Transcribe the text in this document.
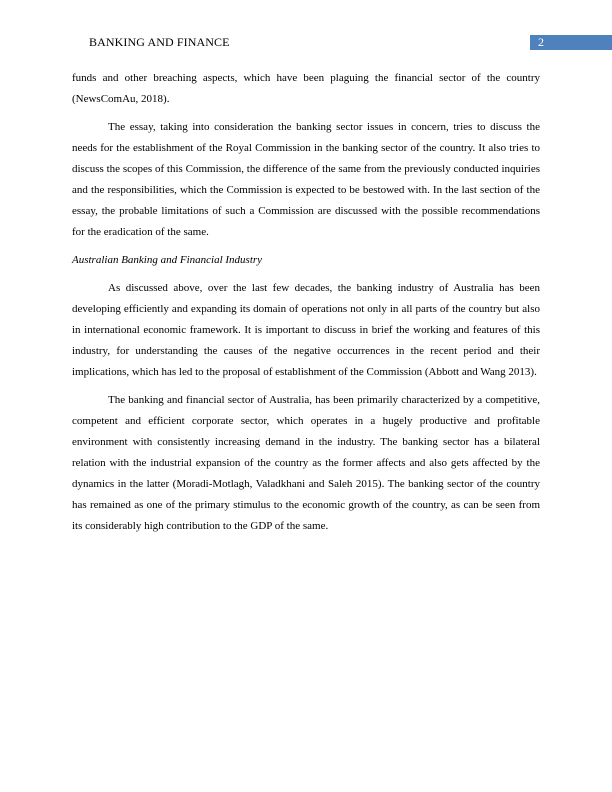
BANKING AND FINANCE	2

funds and other breaching aspects, which have been plaguing the financial sector of the country (NewsComAu, 2018).

The essay, taking into consideration the banking sector issues in concern, tries to discuss the needs for the establishment of the Royal Commission in the banking sector of the country. It also tries to discuss the scopes of this Commission, the difference of the same from the previously conducted inquiries and the responsibilities, which the Commission is expected to be bestowed with. In the last section of the essay, the probable limitations of such a Commission are discussed with the possible recommendations for the eradication of the same.

Australian Banking and Financial Industry

As discussed above, over the last few decades, the banking industry of Australia has been developing efficiently and expanding its domain of operations not only in all parts of the country but also in international economic framework. It is important to discuss in brief the working and features of this industry, for understanding the causes of the negative occurrences in the recent period and their implications, which has led to the proposal of establishment of the Commission (Abbott and Wang 2013).

The banking and financial sector of Australia, has been primarily characterized by a competitive, competent and efficient corporate sector, which operates in a hugely productive and profitable environment with consistently increasing demand in the industry. The banking sector has a bilateral relation with the industrial expansion of the country as the former affects and also gets affected by the dynamics in the latter (Moradi-Motlagh, Valadkhani and Saleh 2015). The banking sector of the country has remained as one of the primary stimulus to the economic growth of the country, as can be seen from its considerably high contribution to the GDP of the same.
